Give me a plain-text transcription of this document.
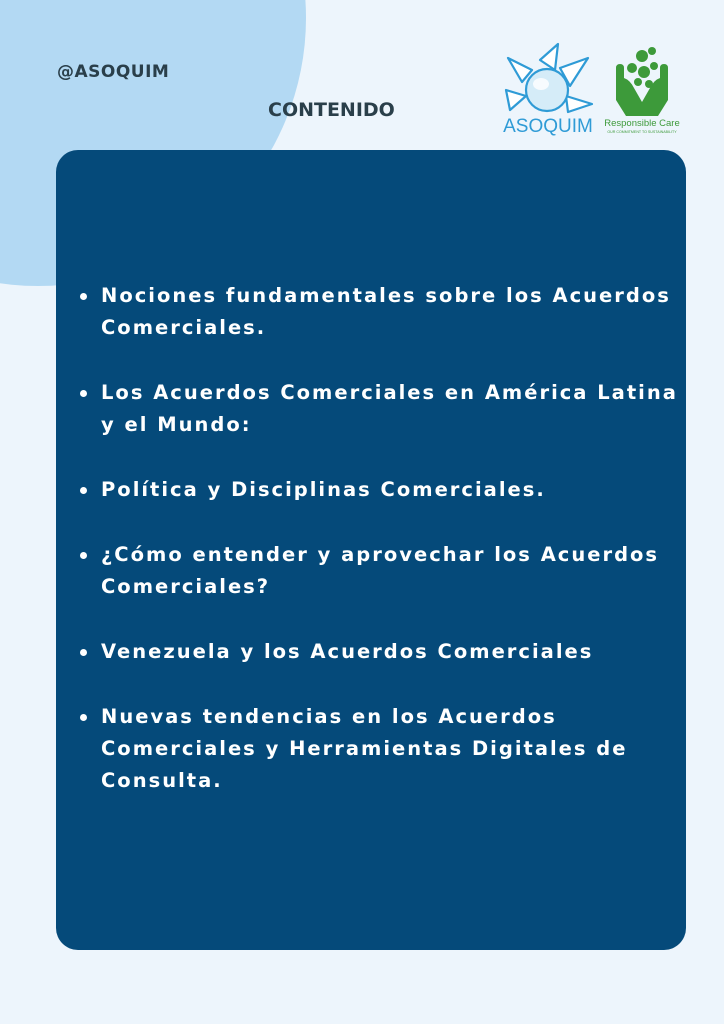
@ASOQUIM
CONTENIDO
ASOQUIM Responsible Care
OUR COMMITMENT TO SUSTAINABILITY
Nociones fundamentales sobre los Acuerdos Comerciales.
Los Acuerdos Comerciales en América Latina y el Mundo:
Política y Disciplinas Comerciales.
¿Cómo entender y aprovechar los Acuerdos Comerciales?
Venezuela y los Acuerdos Comerciales
Nuevas tendencias en los Acuerdos Comerciales y Herramientas Digitales de Consulta.
